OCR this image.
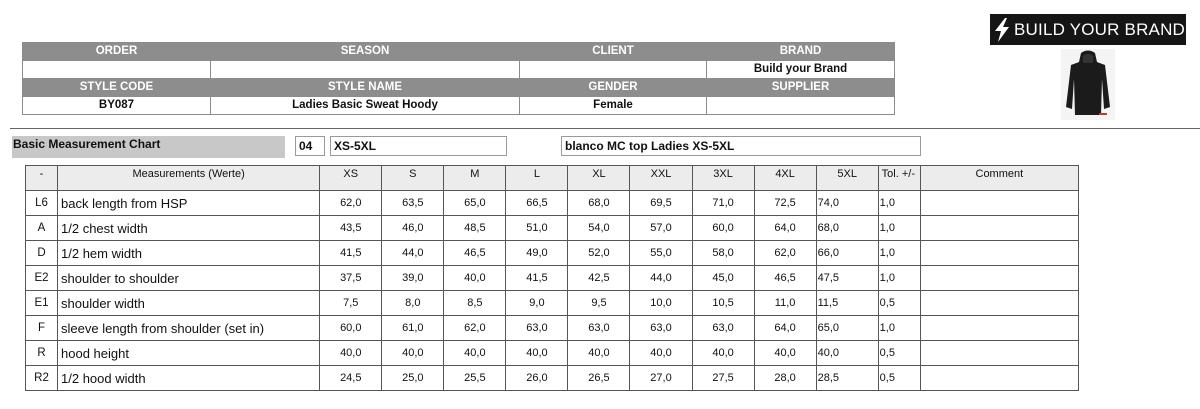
BUILD YOUR BRAND
ORDER	SEASON	CLIENT	BRAND
			Build your Brand
STYLE CODE	STYLE NAME	GENDER	SUPPLIER
BY087	Ladies Basic Sweat Hoody	Female	
Basic Measurement Chart	04	XS-5XL	blanco MC top Ladies XS-5XL
-	Measurements (Werte)	XS	S	M	L	XL	XXL	3XL	4XL	5XL	Tol. +/-	Comment
L6	back length from HSP	62,0	63,5	65,0	66,5	68,0	69,5	71,0	72,5	74,0	1,0	
A	1/2 chest width	43,5	46,0	48,5	51,0	54,0	57,0	60,0	64,0	68,0	1,0	
D	1/2 hem width	41,5	44,0	46,5	49,0	52,0	55,0	58,0	62,0	66,0	1,0	
E2	shoulder to shoulder	37,5	39,0	40,0	41,5	42,5	44,0	45,0	46,5	47,5	1,0	
E1	shoulder width	7,5	8,0	8,5	9,0	9,5	10,0	10,5	11,0	11,5	0,5	
F	sleeve length from shoulder (set in)	60,0	61,0	62,0	63,0	63,0	63,0	63,0	64,0	65,0	1,0	
R	hood height	40,0	40,0	40,0	40,0	40,0	40,0	40,0	40,0	40,0	0,5	
R2	1/2 hood width	24,5	25,0	25,5	26,0	26,5	27,0	27,5	28,0	28,5	0,5	
